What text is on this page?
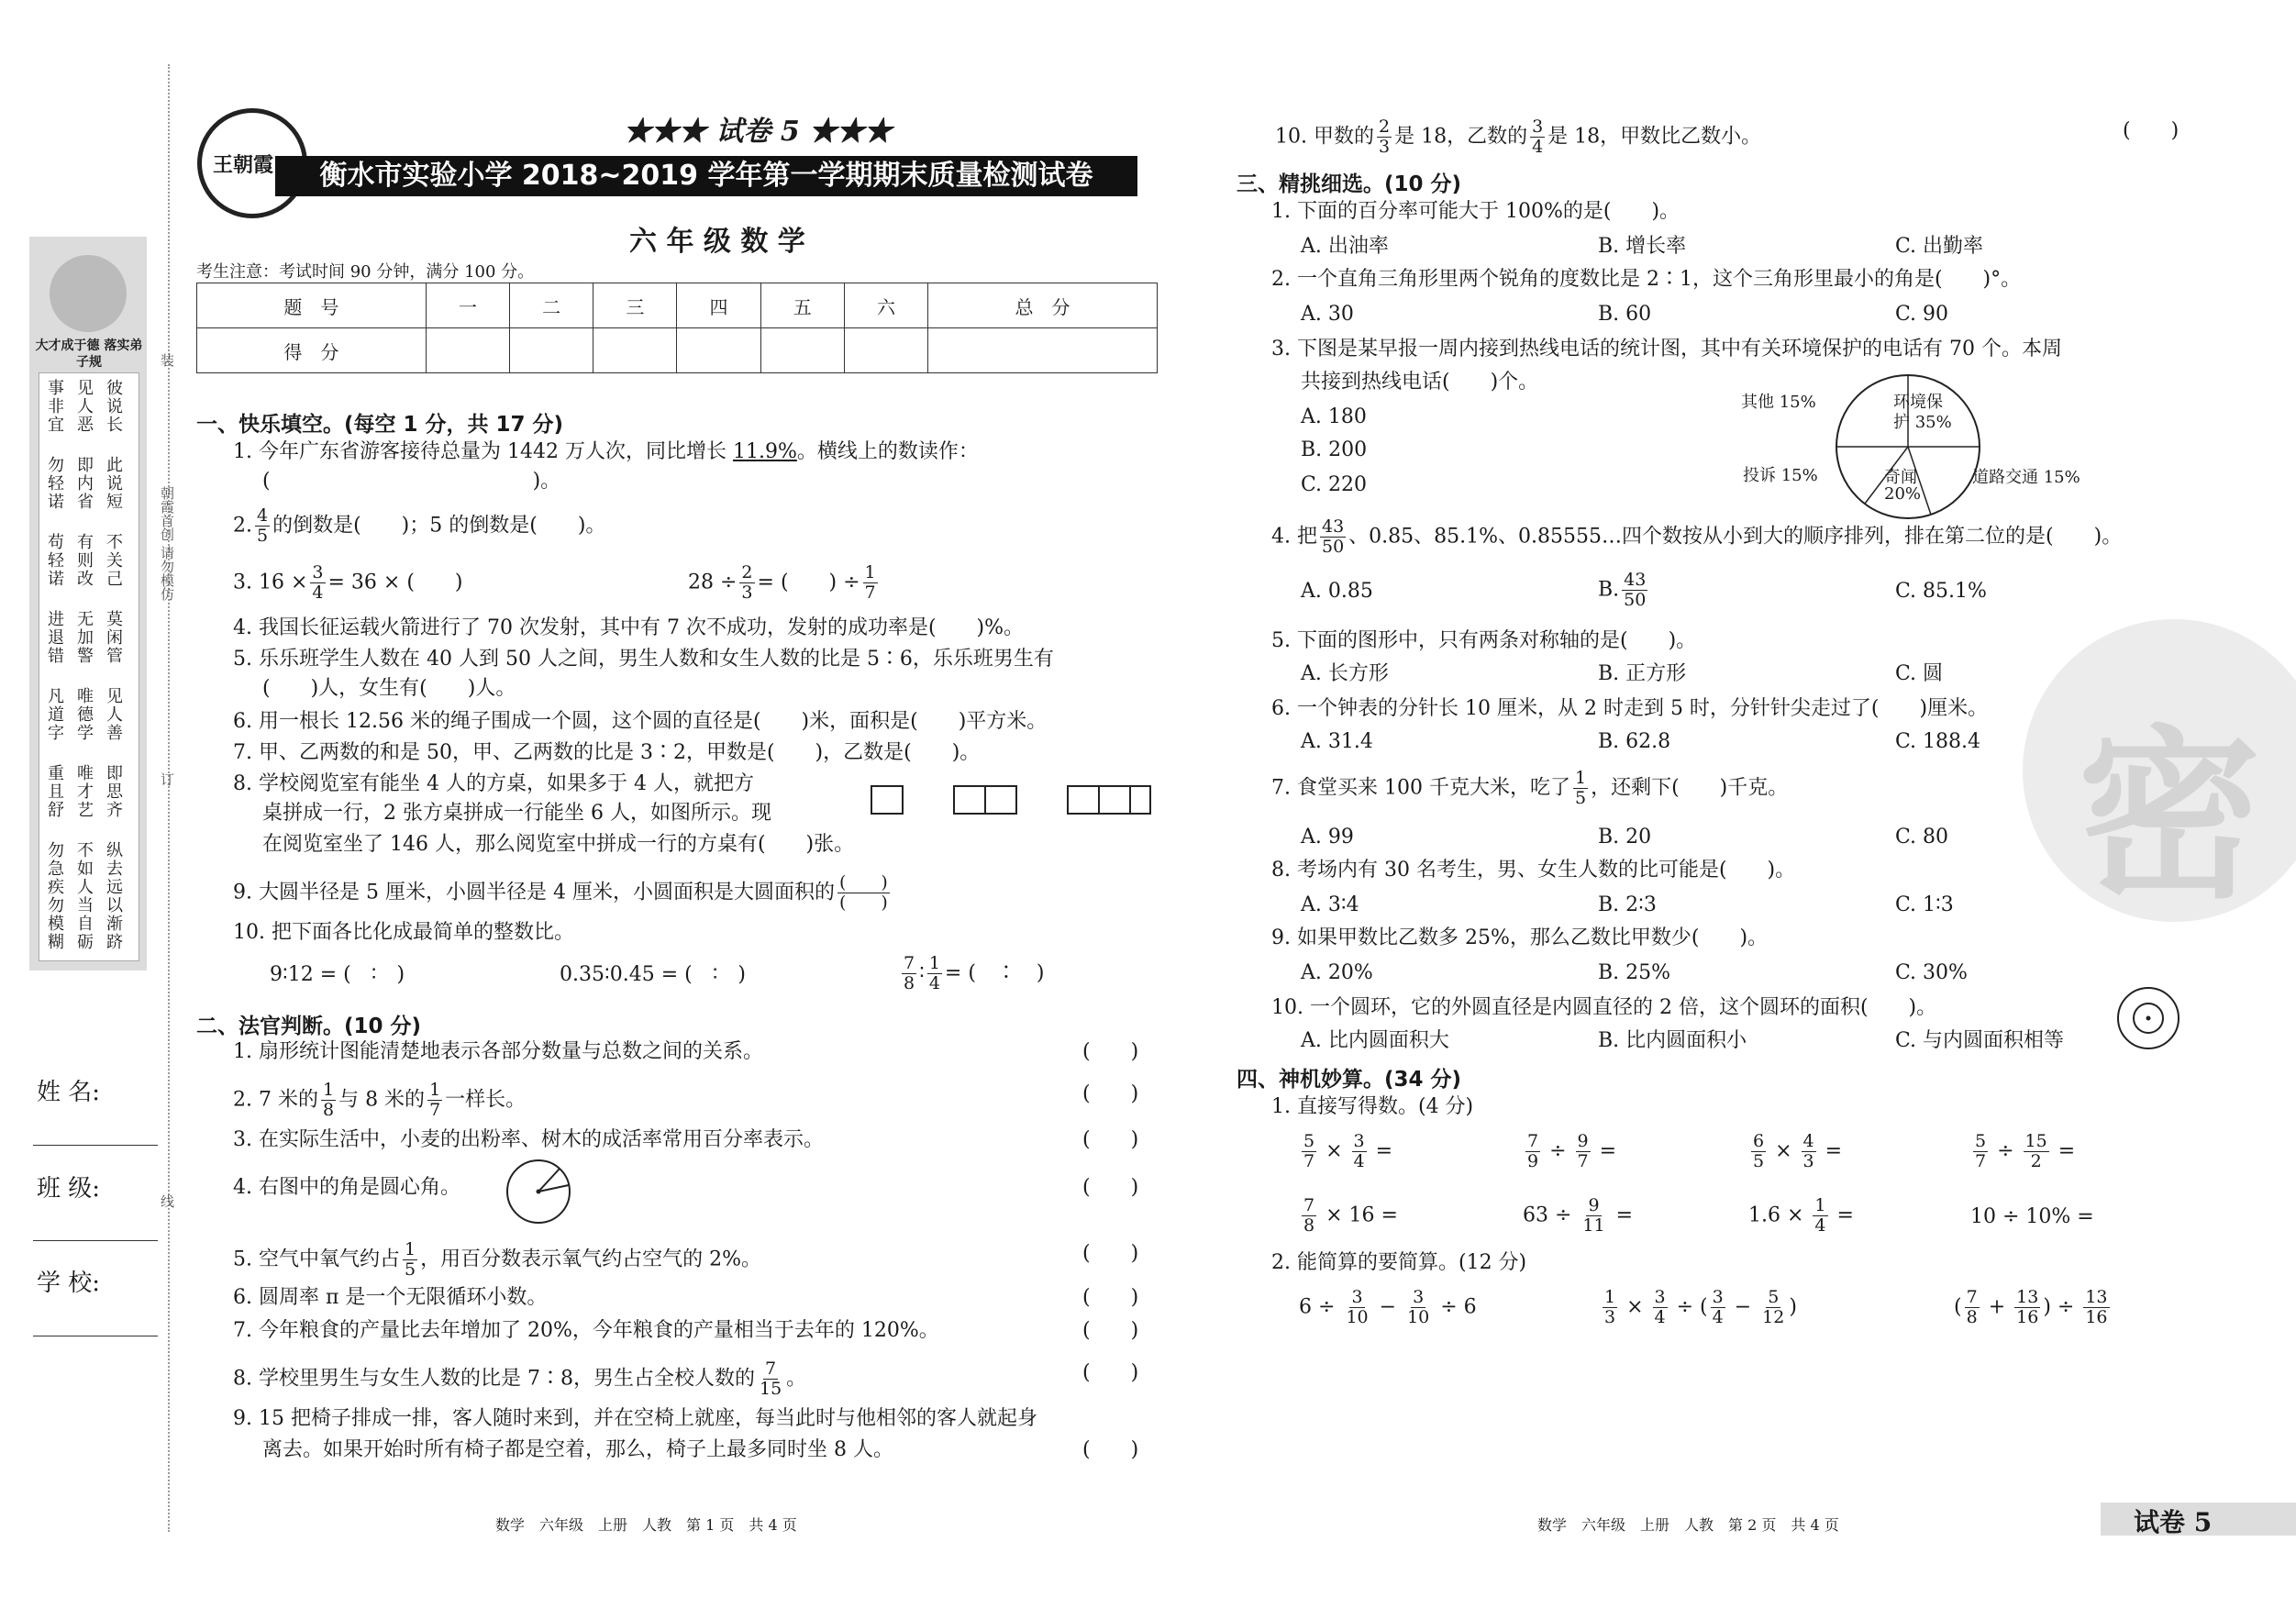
大才成于德 落实弟子规
彼说长
见人恶
事非宜
此说短
即内省
勿轻诺
不关己
有则改
苟轻诺
莫闲管
无加警
进退错
见人善
唯德学
凡道字
即思齐
唯才艺
重且舒
纵去远
不如人
勿急疾
以渐跻
当自砺
勿模糊
装
朝霞首创 请勿模仿
订
线
姓 名:
班 级:
学 校:
王朝霞
★★★ 试卷 5 ★★★
衡水市实验小学 2018~2019 学年第一学期期末质量检测试卷
六 年 级 数 学
考生注意：考试时间 90 分钟，满分 100 分。
题　号	一	二	三	四	五	六	总　分
得　分							
一、快乐填空。(每空 1 分，共 17 分)
1. 今年广东省游客接待总量为 1442 万人次，同比增长 11.9%。横线上的数读作：
(　　　　　　　　　　　　　)。
2. $\frac{4}{5}$ 的倒数是(　　)；5 的倒数是(　　)。
3. $16 \times \frac{3}{4} = 36$ × (　　)	$28 \div \frac{2}{3}$ = (　　) ÷ $\frac{1}{7}$
4. 我国长征运载火箭进行了 70 次发射，其中有 7 次不成功，发射的成功率是(　　)%。
5. 乐乐班学生人数在 40 人到 50 人之间，男生人数和女生人数的比是 5∶6，乐乐班男生有
(　　)人，女生有(　　)人。
6. 用一根长 12.56 米的绳子围成一个圆，这个圆的直径是(　　)米，面积是(　　)平方米。
7. 甲、乙两数的和是 50，甲、乙两数的比是 3∶2，甲数是(　　)，乙数是(　　)。
8. 学校阅览室有能坐 4 人的方桌，如果多于 4 人，就把方
桌拼成一行，2 张方桌拼成一行能坐 6 人，如图所示。现
在阅览室坐了 146 人，那么阅览室中拼成一行的方桌有(　　)张。
9. 大圆半径是 5 厘米，小圆半径是 4 厘米，小圆面积是大圆面积的 $\frac{( )}{( )}$
10. 把下面各比化成最简单的整数比。
9∶12 = (　∶　)	0.35∶0.45 = (　∶　)	$\frac{7}{8}$ ∶ $\frac{1}{4}$ = (　∶　)
二、法官判断。(10 分)
1. 扇形统计图能清楚地表示各部分数量与总数之间的关系。	(　　)
2. 7 米的 $\frac{1}{8}$ 与 8 米的 $\frac{1}{7}$ 一样长。	(　　)
3. 在实际生活中，小麦的出粉率、树木的成活率常用百分率表示。	(　　)
4. 右图中的角是圆心角。	(　　)
5. 空气中氧气约占 $\frac{1}{5}$ ，用百分数表示氧气约占空气的 2%。	(　　)
6. 圆周率 π 是一个无限循环小数。	(　　)
7. 今年粮食的产量比去年增加了 20%，今年粮食的产量相当于去年的 120%。	(　　)
8. 学校里男生与女生人数的比是 7∶8，男生占全校人数的 $\frac{7}{15}$ 。	(　　)
9. 15 把椅子排成一排，客人随时来到，并在空椅上就座，每当此时与他相邻的客人就起身
离去。如果开始时所有椅子都是空着，那么，椅子上最多同时坐 8 人。	(　　)
数学　六年级　上册　人教　第 1 页　共 4 页
密
10. 甲数的 $\frac{2}{3}$ 是 18，乙数的 $\frac{3}{4}$ 是 18，甲数比乙数小。	(　　)
三、精挑细选。(10 分)
1. 下面的百分率可能大于 100%的是(　　)。
A. 出油率	B. 增长率	C. 出勤率
2. 一个直角三角形里两个锐角的度数比是 2∶1，这个三角形里最小的角是(　　)°。
A. 30	B. 60	C. 90
3. 下图是某早报一周内接到热线电话的统计图，其中有关环境保护的电话有 70 个。本周
共接到热线电话(　　)个。
A. 180
B. 200
C. 220
其他 15%	环境保
护 35%
投诉 15%	奇闻
20%
道路交通 15%
4. 把 $\frac{43}{50}$ 、0.85、85.1%、0.85555…四个数按从小到大的顺序排列，排在第二位的是(　　)。
A. 0.85	B. $\frac{43}{50}$	C. 85.1%
5. 下面的图形中，只有两条对称轴的是(　　)。
A. 长方形	B. 正方形	C. 圆
6. 一个钟表的分针长 10 厘米，从 2 时走到 5 时，分针针尖走过了(　　)厘米。
A. 31.4	B. 62.8	C. 188.4
7. 食堂买来 100 千克大米，吃了 $\frac{1}{5}$ ，还剩下(　　)千克。
A. 99	B. 20	C. 80
8. 考场内有 30 名考生，男、女生人数的比可能是(　　)。
A. 3∶4	B. 2∶3	C. 1∶3
9. 如果甲数比乙数多 25%，那么乙数比甲数少(　　)。
A. 20%	B. 25%	C. 30%
10. 一个圆环，它的外圆直径是内圆直径的 2 倍，这个圆环的面积(　　)。
A. 比内圆面积大	B. 比内圆面积小	C. 与内圆面积相等
四、神机妙算。(34 分)
1. 直接写得数。(4 分)
$\frac{5}{7} \times \frac{3}{4}$ =	$\frac{7}{9} \div \frac{9}{7}$ =	$\frac{6}{5} \times \frac{4}{3}$ =	$\frac{5}{7} \div \frac{15}{2}$ =
$\frac{7}{8} \times 16$ =	$63 \div \frac{9}{11}$ =	$1.6 \times \frac{1}{4}$ =	10 ÷ 10% =
2. 能简算的要简算。(12 分)
$6 \div \frac{3}{10} - \frac{3}{10} \div 6$	$\frac{1}{3} \times \frac{3}{4}$ ÷ ( $\frac{3}{4} - \frac{5}{12}$ )	( $\frac{7}{8} + \frac{13}{16}$ ) ÷ $\frac{13}{16}$
数学　六年级　上册　人教　第 2 页　共 4 页	试卷 5
